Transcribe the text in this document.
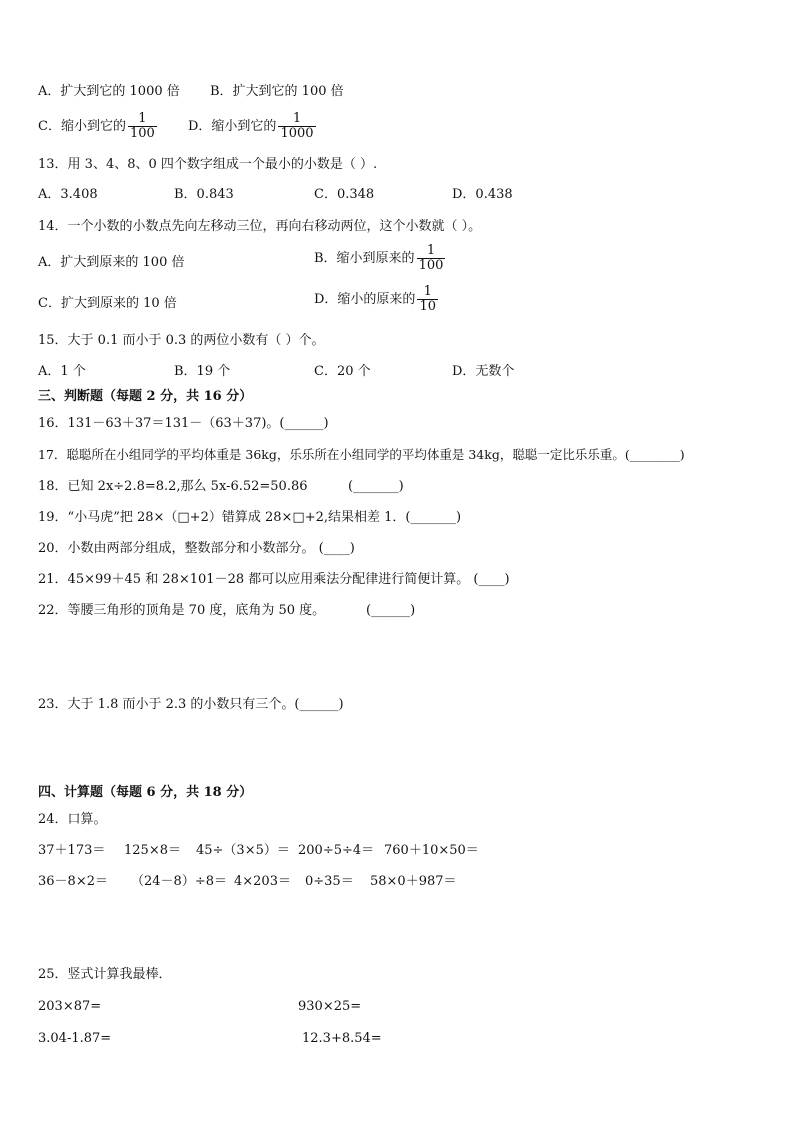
A．扩大到它的 1000 倍 B．扩大到它的 100 倍
C．缩小到它的 $\frac{1}{100}$ D．缩小到它的 $\frac{1}{1000}$
13．用 3、4、8、0 四个数字组成一个最小的小数是（ ）.
A．3.408	B．0.843	C．0.348	D．0.438
14．一个小数的小数点先向左移动三位，再向右移动两位，这个小数就（ ）。
A．扩大到原来的 100 倍	B．缩小到原来的 $\frac{1}{100}$
C．扩大到原来的 10 倍	D．缩小的原来的 $\frac{1}{10}$
15．大于 0.1 而小于 0.3 的两位小数有（ ）个。
A．1 个	B．19 个	C．20 个	D．无数个
三、判断题（每题 2 分，共 16 分）
16．131－63＋37＝131－（63＋37)。(______)
17．聪聪所在小组同学的平均体重是 36kg，乐乐所在小组同学的平均体重是 34kg，聪聪一定比乐乐重。(________)
18．已知 2x÷2.8=8.2,那么 5x-6.52=50.86	(_______)
19．“小马虎”把 28×（□+2）错算成 28×□+2,结果相差 1．(_______)
20．小数由两部分组成，整数部分和小数部分。 (____)
21．45×99＋45 和 28×101－28 都可以应用乘法分配律进行简便计算。 (____)
22．等腰三角形的顶角是 70 度，底角为 50 度。	(______)
23．大于 1.8 而小于 2.3 的小数只有三个。(______)
四、计算题（每题 6 分，共 18 分）
24．口算。
37＋173＝ 125×8＝ 45÷（3×5）＝ 200÷5÷4＝ 760＋10×50＝
36－8×2＝ （24－8）÷8＝ 4×203＝ 0÷35＝ 58×0＋987＝
25．竖式计算我最棒．
203×87=	930×25=
3.04-1.87=	12.3+8.54=
